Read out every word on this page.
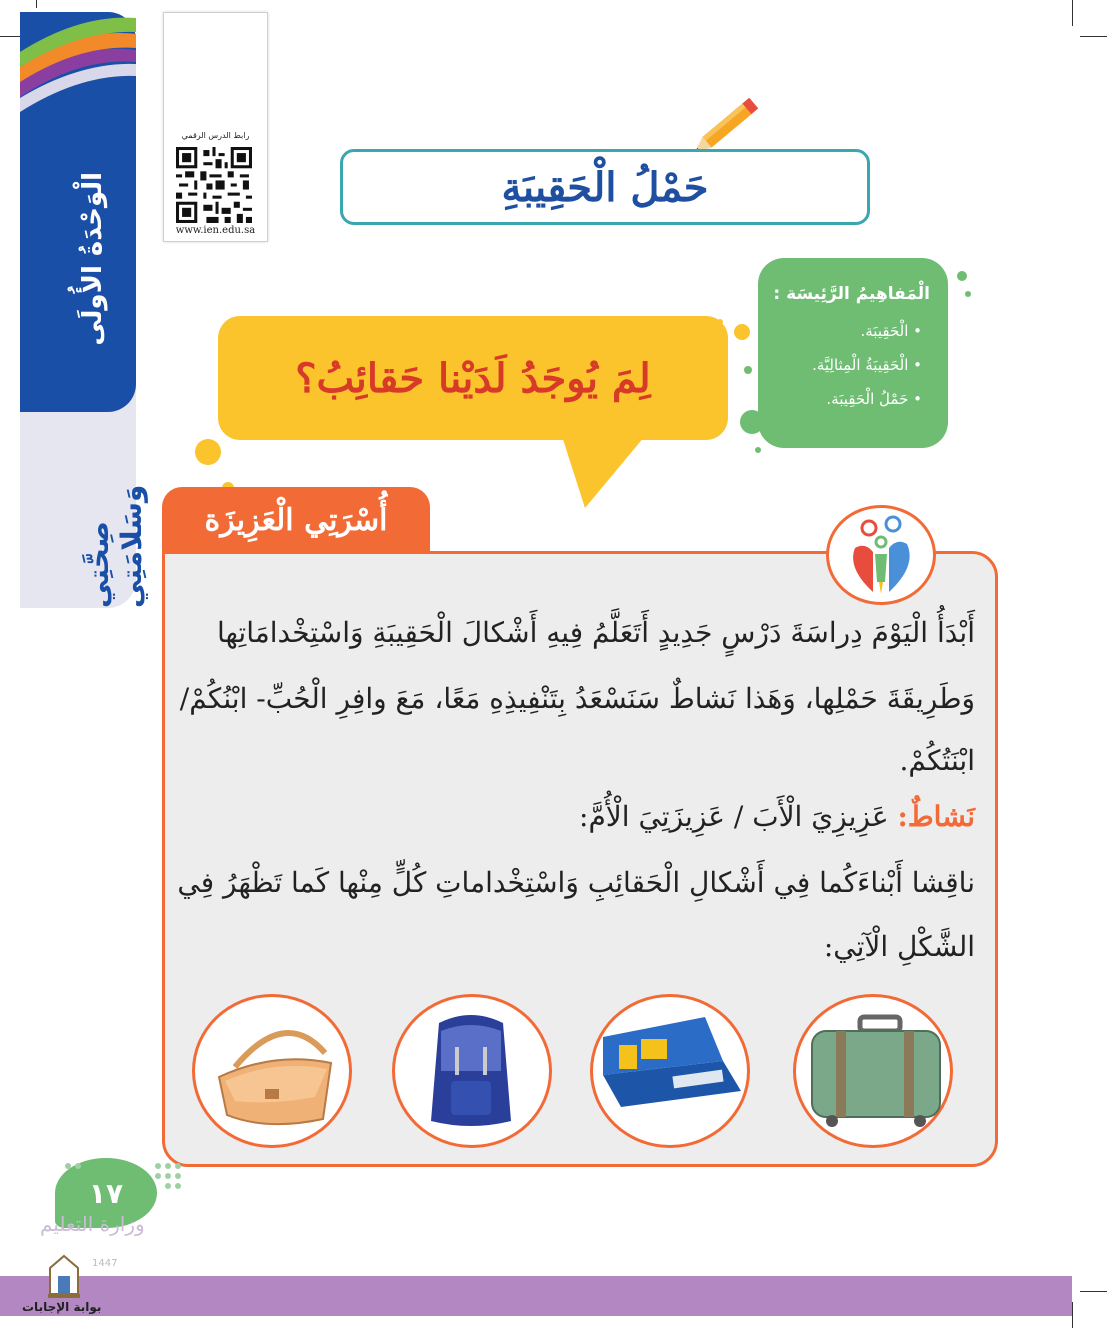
الْوَحْدَةُ الأُولَى
صِحَّتِي وَسَلامَتِي
رابط الدرس الرقمي
www.ien.edu.sa
حَمْلُ الْحَقِيبَةِ
الْمَفاهِيمُ الرَّئِيسَة :
• الْحَقِيبَة.
• الْحَقِيبَةُ الْمِثالِيَّة.
• حَمْلُ الْحَقِيبَة.
لِمَ يُوجَدُ لَدَيْنا حَقائِبُ؟
أَبْدَأُ الْيَوْمَ دِراسَةَ دَرْسٍ جَدِيدٍ أَتَعَلَّمُ فِيهِ أَشْكالَ الْحَقِيبَةِ وَاسْتِخْدامَاتِها
وَطَرِيقَةَ حَمْلِها، وَهَذا نَشاطٌ سَنَسْعَدُ بِتَنْفِيذِهِ مَعًا، مَعَ وافِرِ الْحُبِّ- ابْنُكُمْ/
ابْنَتُكُمْ.
نَشاطٌ: عَزِيزِيَ الْأَبَ / عَزِيزَتِيَ الْأُمَّ:
ناقِشا أَبْناءَكُما فِي أَشْكالِ الْحَقائِبِ وَاسْتِخْداماتِ كُلٍّ مِنْها كَما تَظْهَرُ فِي
الشَّكْلِ الْآتِي:
أُسْرَتِي الْعَزِيزَة
١٧
وزارة التعليم
1447
بوابة الإجابات
